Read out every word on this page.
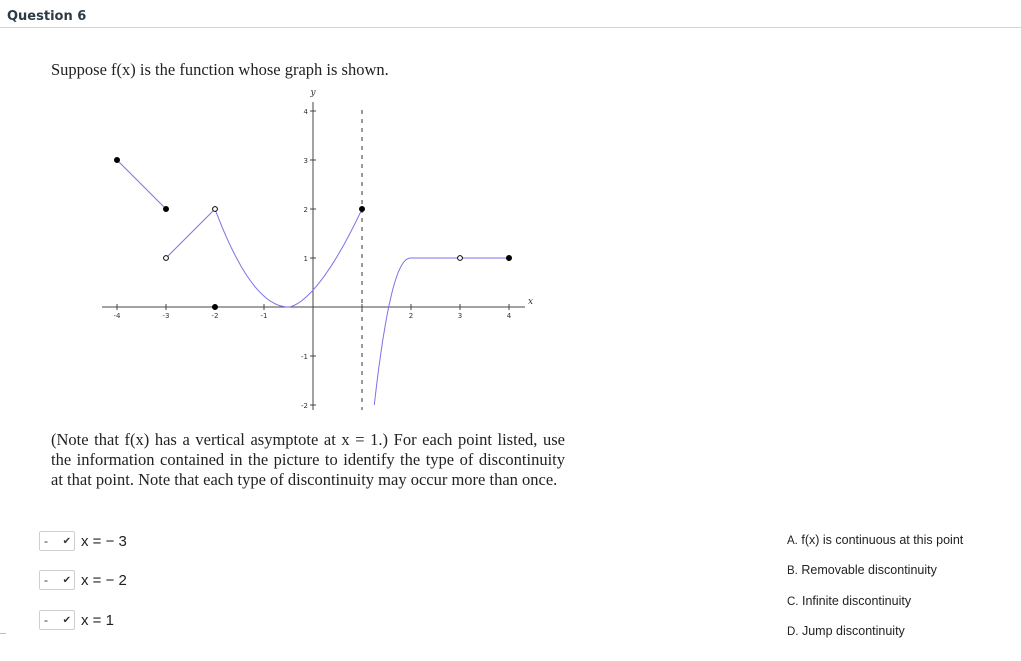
Question 6
Suppose f(x) is the function whose graph is shown.
-4	-3	-2	-1	2	3	4
4
3
2
1
-1
-2
x
y
(Note that f(x) has a vertical asymptote at x = 1.) For each point listed, use the information contained in the picture to identify the type of discontinuity at that point. Note that each type of discontinuity may occur more than once.
- ✔ x = − 3
- ✔ x = − 2
- ✔ x = 1
A. f(x) is continuous at this point
B. Removable discontinuity
C. Infinite discontinuity
D. Jump discontinuity
